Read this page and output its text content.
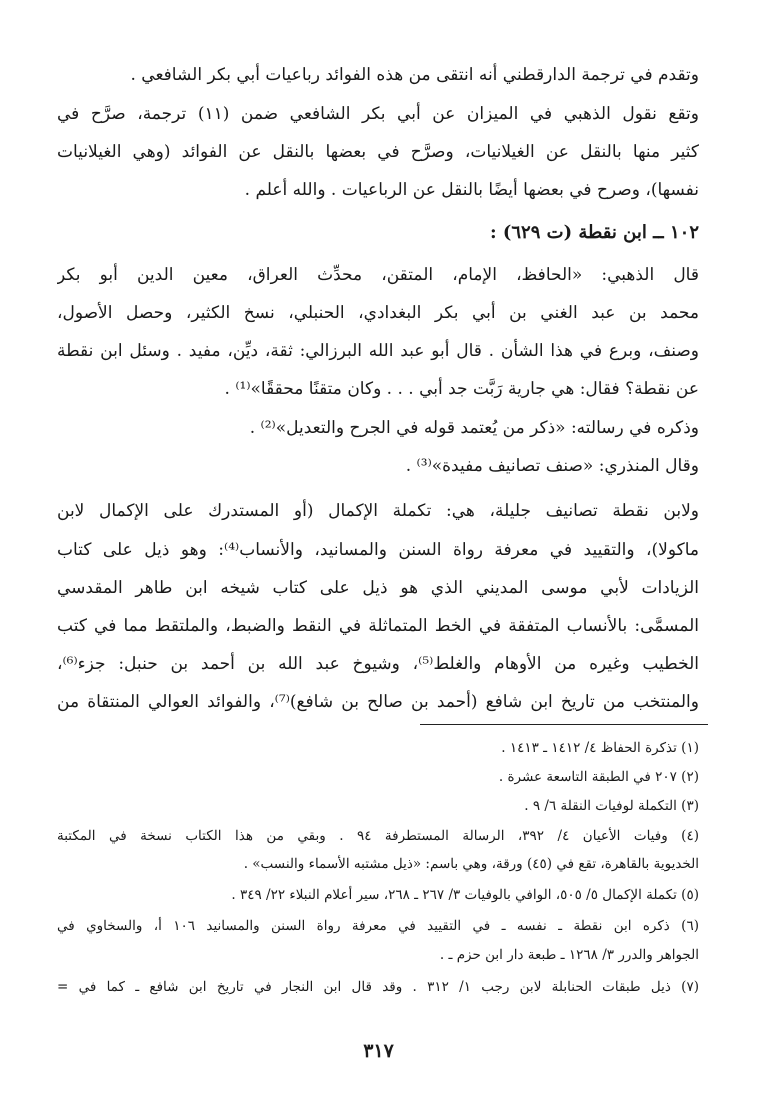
وتقدم في ترجمة الدارقطني أنه انتقى من هذه الفوائد رباعيات أبي بكر الشافعي .
وتقع نقول الذهبي في الميزان عن أبي بكر الشافعي ضمن (١١) ترجمة، صرَّح في
كثير منها بالنقل عن الغيلانيات، وصرَّح في بعضها بالنقل عن الفوائد (وهي الغيلانيات
نفسها)، وصرح في بعضها أيضًا بالنقل عن الرباعيات . والله أعلم .
١٠٢ ــ ابن نقطة (ت ٦٢٩) :
قال الذهبي: «الحافظ، الإمام، المتقن، محدِّث العراق، معين الدين أبو بكر
محمد بن عبد الغني بن أبي بكر البغدادي، الحنبلي، نسخ الكثير، وحصل الأصول،
وصنف، وبرع في هذا الشأن . قال أبو عبد الله البرزالي: ثقة، ديِّن، مفيد . وسئل ابن نقطة
عن نقطة؟ فقال: هي جارية رَبَّت جد أبي . . . وكان متقنًا محققًا»⁽¹⁾ .
وذكره في رسالته: «ذكر من يُعتمد قوله في الجرح والتعديل»⁽²⁾ .
وقال المنذري: «صنف تصانيف مفيدة»⁽³⁾ .
ولابن نقطة تصانيف جليلة، هي: تكملة الإكمال (أو المستدرك على الإكمال لابن
ماكولا)، والتقييد في معرفة رواة السنن والمسانيد، والأنساب⁽⁴⁾: وهو ذيل على كتاب
الزيادات لأبي موسى المديني الذي هو ذيل على كتاب شيخه ابن طاهر المقدسي
المسمَّى: بالأنساب المتفقة في الخط المتماثلة في النقط والضبط، والملتقط مما في كتب
الخطيب وغيره من الأوهام والغلط⁽⁵⁾، وشيوخ عبد الله بن أحمد بن حنبل: جزء⁽⁶⁾،
والمنتخب من تاريخ ابن شافع (أحمد بن صالح بن شافع)⁽⁷⁾، والفوائد العوالي المنتقاة من
(١) تذكرة الحفاظ ٤/ ١٤١٢ ـ ١٤١٣ .
(٢) ٢٠٧ في الطبقة التاسعة عشرة .
(٣) التكملة لوفيات النقلة ٦/ ٩ .
(٤) وفيات الأعيان ٤/ ٣٩٢، الرسالة المستطرفة ٩٤ . وبقي من هذا الكتاب نسخة في المكتبة
الخديوية بالقاهرة، تقع في (٤٥) ورقة، وهي باسم: «ذيل مشتبه الأسماء والنسب» .
(٥) تكملة الإكمال ٥/ ٥٠٥، الوافي بالوفيات ٣/ ٢٦٧ ـ ٢٦٨، سير أعلام النبلاء ٢٢/ ٣٤٩ .
(٦) ذكره ابن نقطة ـ نفسه ـ في التقييد في معرفة رواة السنن والمسانيد ١٠٦ أ، والسخاوي في
الجواهر والدرر ٣/ ١٢٦٨ ـ طبعة دار ابن حزم ـ .
(٧) ذيل طبقات الحنابلة لابن رجب ١/ ٣١٢ . وقد قال ابن النجار في تاريخ ابن شافع ـ كما في =
٣١٧
